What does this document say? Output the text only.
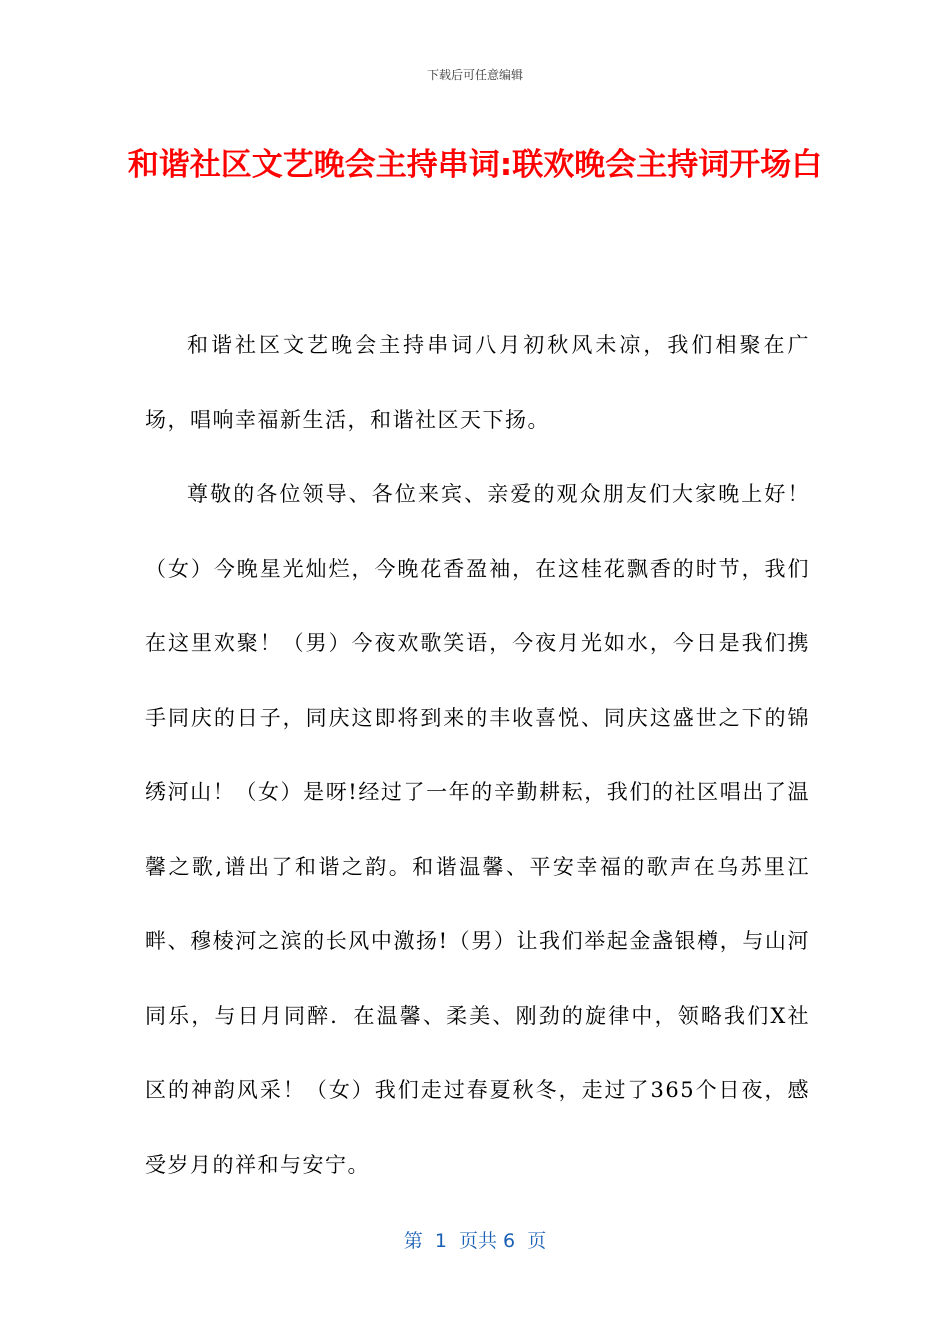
下载后可任意编辑
和谐社区文艺晚会主持串词:联欢晚会主持词开场白

和谐社区文艺晚会主持串词八月初秋风未凉，我们相聚在广场，唱响幸福新生活，和谐社区天下扬。

尊敬的各位领导、各位来宾、亲爱的观众朋友们大家晚上好！（女）今晚星光灿烂，今晚花香盈袖，在这桂花飘香的时节，我们在这里欢聚！（男）今夜欢歌笑语，今夜月光如水，今日是我们携手同庆的日子，同庆这即将到来的丰收喜悦、同庆这盛世之下的锦绣河山！（女）是呀!经过了一年的辛勤耕耘，我们的社区唱出了温馨之歌,谱出了和谐之韵。和谐温馨、平安幸福的歌声在乌苏里江畔、穆棱河之滨的长风中激扬!（男）让我们举起金盏银樽，与山河同乐，与日月同醉．在温馨、柔美、刚劲的旋律中，领略我们X社区的神韵风采！（女）我们走过春夏秋冬，走过了365个日夜，感受岁月的祥和与安宁。

第  1  页共 6  页
